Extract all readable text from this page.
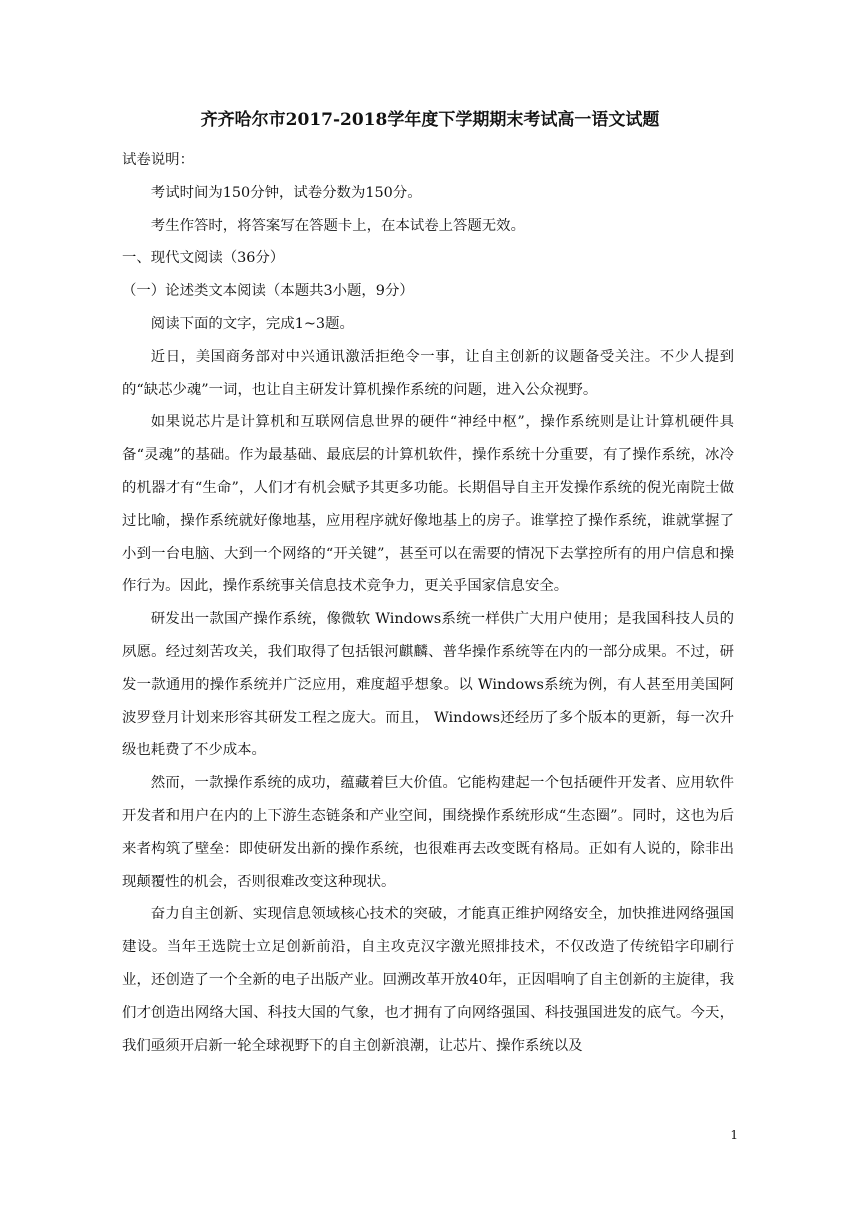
齐齐哈尔市2017-2018学年度下学期期末考试高一语文试题

试卷说明：

考试时间为150分钟，试卷分数为150分。

考生作答时，将答案写在答题卡上，在本试卷上答题无效。

一、现代文阅读（36分）

（一）论述类文本阅读（本题共3小题，9分）

阅读下面的文字，完成1~3题。

近日，美国商务部对中兴通讯激活拒绝令一事，让自主创新的议题备受关注。不少人提到的“缺芯少魂”一词，也让自主研发计算机操作系统的问题，进入公众视野。

如果说芯片是计算机和互联网信息世界的硬件“神经中枢”，操作系统则是让计算机硬件具备“灵魂”的基础。作为最基础、最底层的计算机软件，操作系统十分重要，有了操作系统，冰冷的机器才有“生命”，人们才有机会赋予其更多功能。长期倡导自主开发操作系统的倪光南院士做过比喻，操作系统就好像地基，应用程序就好像地基上的房子。谁掌控了操作系统，谁就掌握了小到一台电脑、大到一个网络的“开关键”，甚至可以在需要的情况下去掌控所有的用户信息和操作行为。因此，操作系统事关信息技术竞争力，更关乎国家信息安全。

研发出一款国产操作系统，像微软 Windows系统一样供广大用户使用；是我国科技人员的夙愿。经过刻苦攻关，我们取得了包括银河麒麟、普华操作系统等在内的一部分成果。不过，研发一款通用的操作系统并广泛应用，难度超乎想象。以 Windows系统为例，有人甚至用美国阿波罗登月计划来形容其研发工程之庞大。而且， Windows还经历了多个版本的更新，每一次升级也耗费了不少成本。

然而，一款操作系统的成功，蕴藏着巨大价值。它能构建起一个包括硬件开发者、应用软件开发者和用户在内的上下游生态链条和产业空间，围绕操作系统形成“生态圈”。同时，这也为后来者构筑了壁垒：即使研发出新的操作系统，也很难再去改变既有格局。正如有人说的，除非出现颠覆性的机会，否则很难改变这种现状。

奋力自主创新、实现信息领域核心技术的突破，才能真正维护网络安全，加快推进网络强国建设。当年王选院士立足创新前沿，自主攻克汉字激光照排技术，不仅改造了传统铅字印刷行业，还创造了一个全新的电子出版产业。回溯改革开放40年，正因唱响了自主创新的主旋律，我们才创造出网络大国、科技大国的气象，也才拥有了向网络强国、科技强国进发的底气。今天，我们亟须开启新一轮全球视野下的自主创新浪潮，让芯片、操作系统以及

1
